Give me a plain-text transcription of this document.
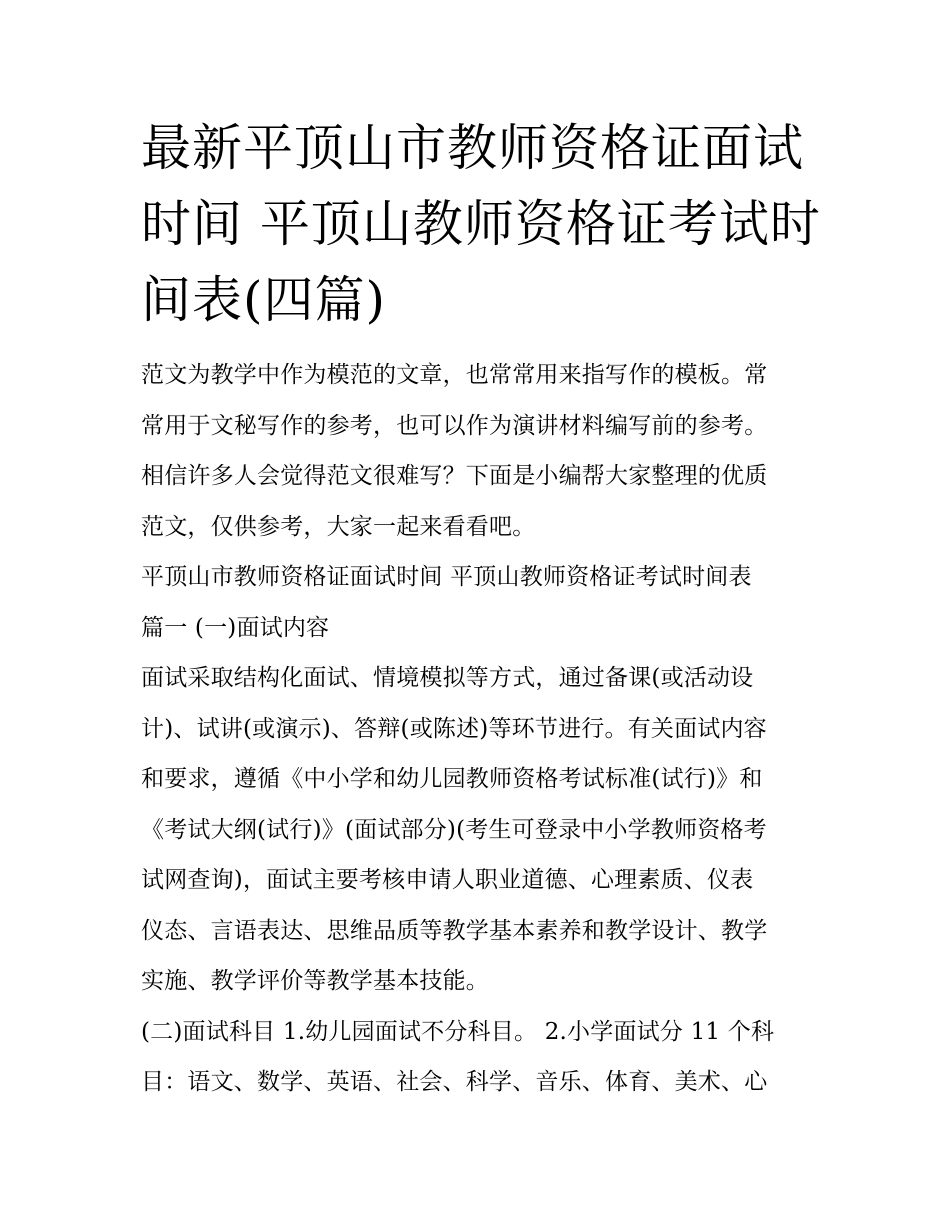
最新平顶山市教师资格证面试
时间 平顶山教师资格证考试时
间表(四篇)

范文为教学中作为模范的文章，也常常用来指写作的模板。常
常用于文秘写作的参考，也可以作为演讲材料编写前的参考。
相信许多人会觉得范文很难写？下面是小编帮大家整理的优质
范文，仅供参考，大家一起来看看吧。

平顶山市教师资格证面试时间 平顶山教师资格证考试时间表

篇一 (一)面试内容

面试采取结构化面试、情境模拟等方式，通过备课(或活动设
计)、试讲(或演示)、答辩(或陈述)等环节进行。有关面试内容
和要求，遵循《中小学和幼儿园教师资格考试标准(试行)》和
《考试大纲(试行)》(面试部分)(考生可登录中小学教师资格考
试网查询)，面试主要考核申请人职业道德、心理素质、仪表
仪态、言语表达、思维品质等教学基本素养和教学设计、教学
实施、教学评价等教学基本技能。

(二)面试科目 1.幼儿园面试不分科目。 2.小学面试分 11 个科
目：语文、数学、英语、社会、科学、音乐、体育、美术、心
